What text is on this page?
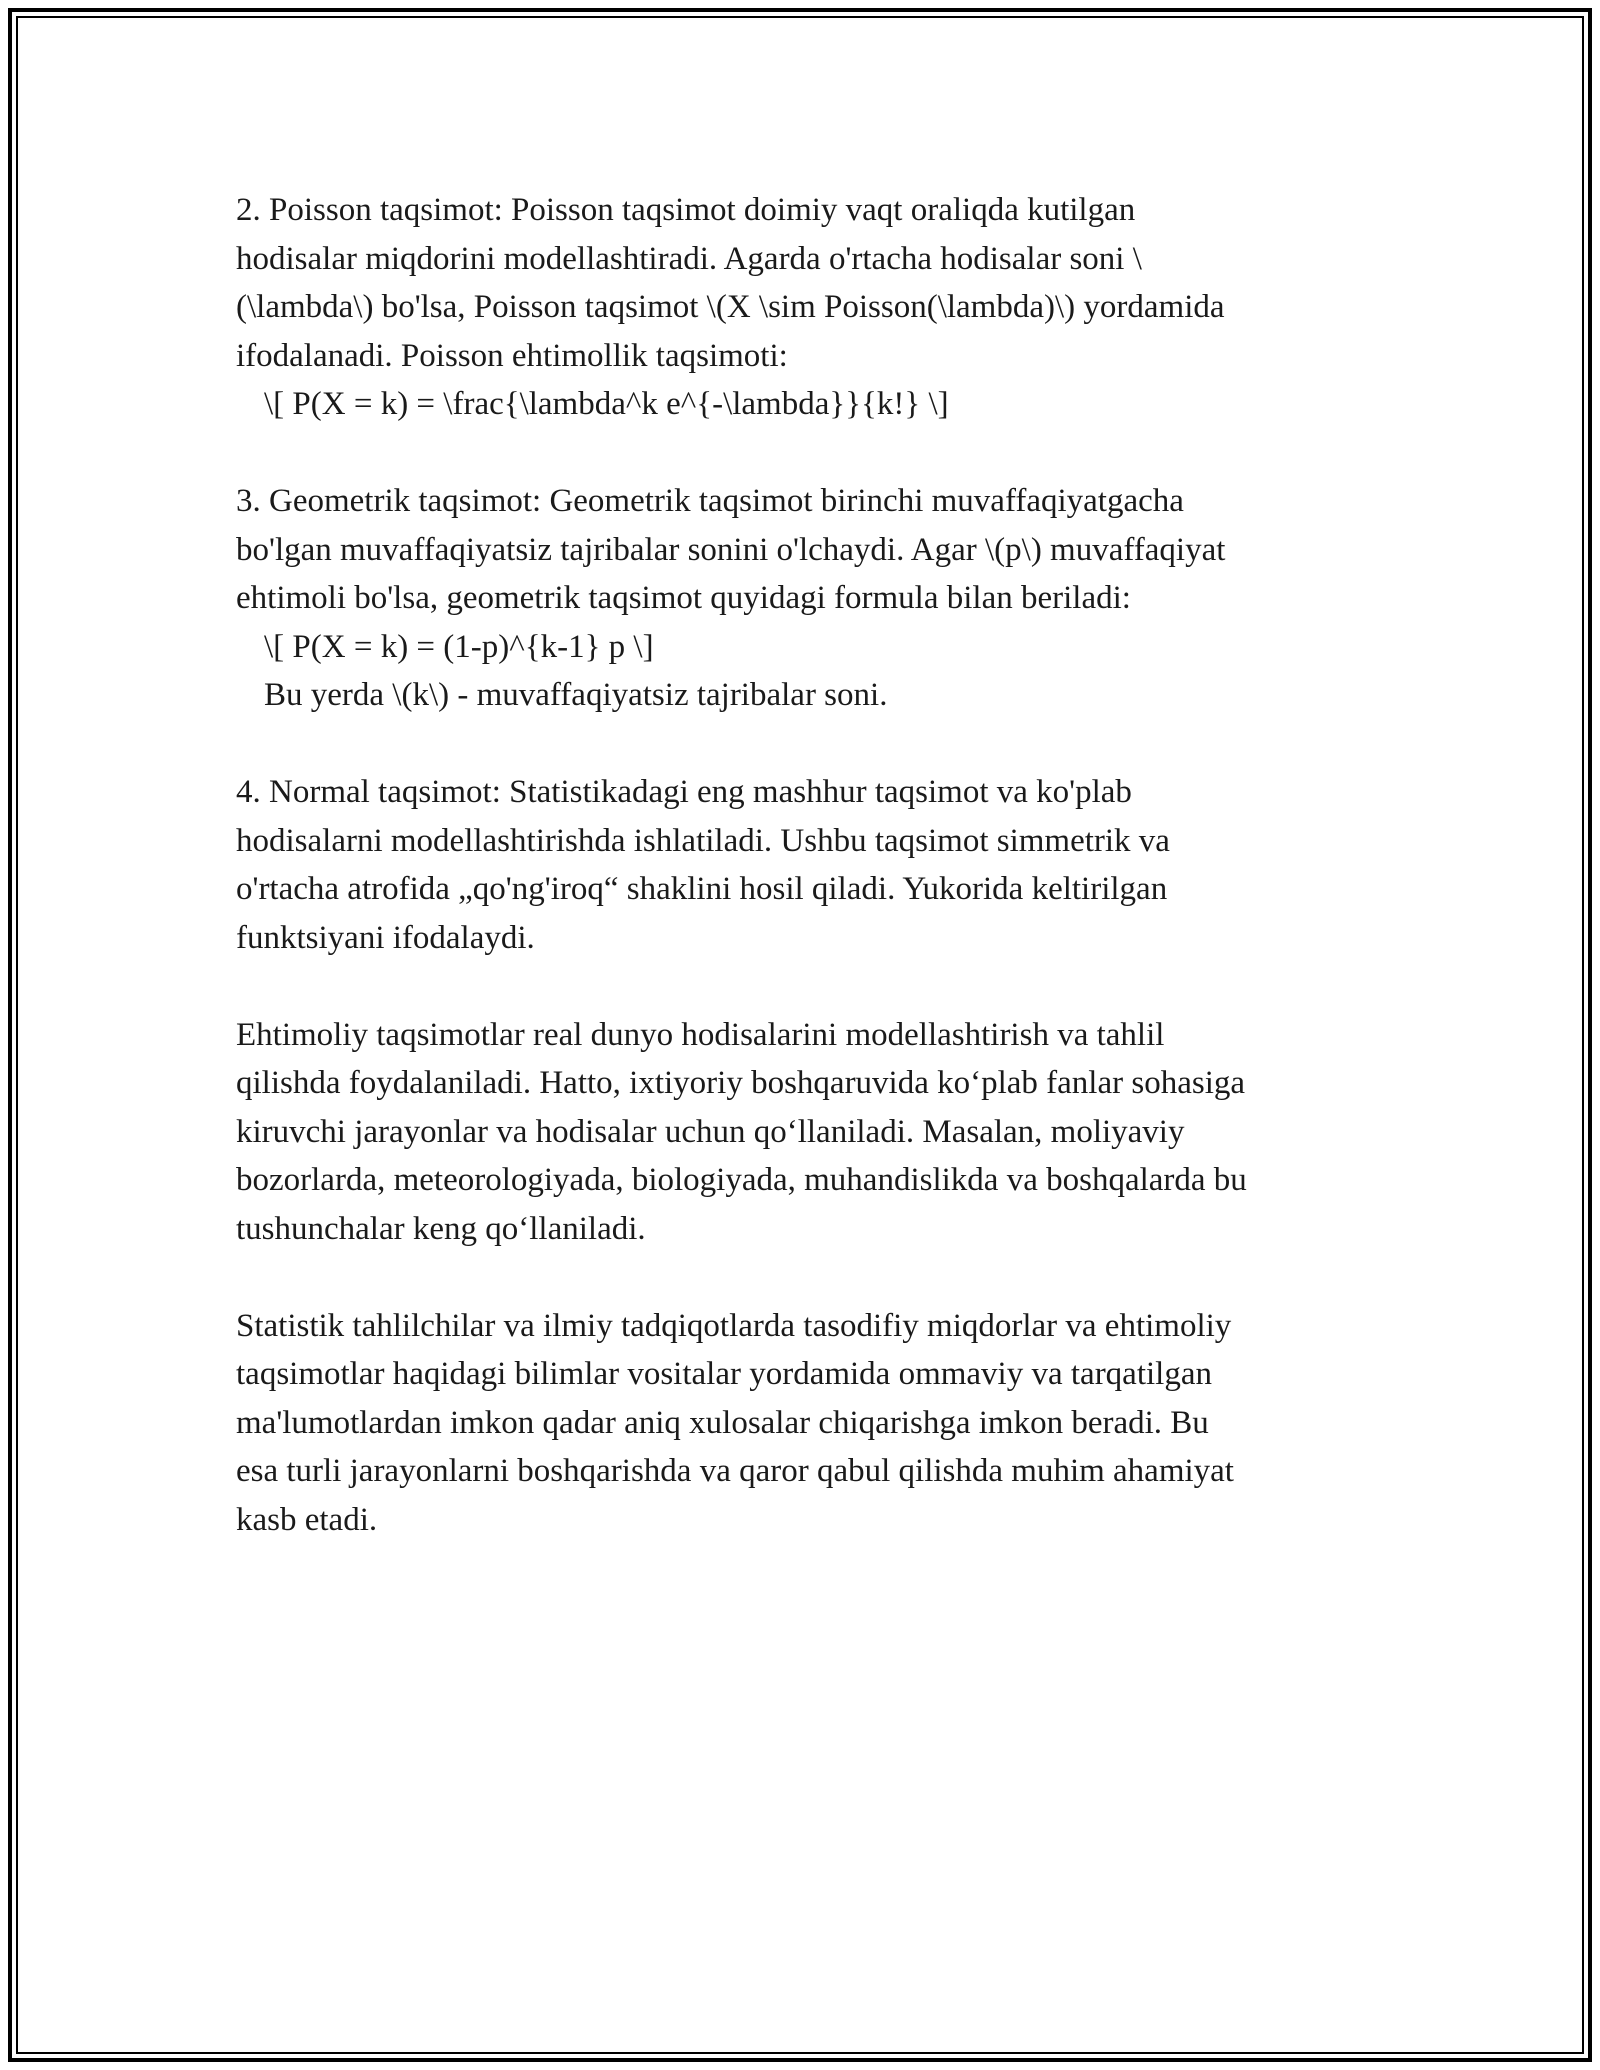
2. Poisson taqsimot: Poisson taqsimot doimiy vaqt oraliqda kutilgan
hodisalar miqdorini modellashtiradi. Agarda o'rtacha hodisalar soni \
(\lambda\) bo'lsa, Poisson taqsimot \(X \sim Poisson(\lambda)\) yordamida
ifodalanadi. Poisson ehtimollik taqsimoti:
\[ P(X = k) = \frac{\lambda^k e^{-\lambda}}{k!} \]

3. Geometrik taqsimot: Geometrik taqsimot birinchi muvaffaqiyatgacha
bo'lgan muvaffaqiyatsiz tajribalar sonini o'lchaydi. Agar \(p\) muvaffaqiyat
ehtimoli bo'lsa, geometrik taqsimot quyidagi formula bilan beriladi:
\[ P(X = k) = (1-p)^{k-1} p \]
Bu yerda \(k\) - muvaffaqiyatsiz tajribalar soni.

4. Normal taqsimot: Statistikadagi eng mashhur taqsimot va ko'plab
hodisalarni modellashtirishda ishlatiladi. Ushbu taqsimot simmetrik va
o'rtacha atrofida „qo'ng'iroq“ shaklini hosil qiladi. Yukorida keltirilgan
funktsiyani ifodalaydi.

Ehtimoliy taqsimotlar real dunyo hodisalarini modellashtirish va tahlil
qilishda foydalaniladi. Hatto, ixtiyoriy boshqaruvida koʻplab fanlar sohasiga
kiruvchi jarayonlar va hodisalar uchun qoʻllaniladi. Masalan, moliyaviy
bozorlarda, meteorologiyada, biologiyada, muhandislikda va boshqalarda bu
tushunchalar keng qoʻllaniladi.

Statistik tahlilchilar va ilmiy tadqiqotlarda tasodifiy miqdorlar va ehtimoliy
taqsimotlar haqidagi bilimlar vositalar yordamida ommaviy va tarqatilgan
ma'lumotlardan imkon qadar aniq xulosalar chiqarishga imkon beradi. Bu
esa turli jarayonlarni boshqarishda va qaror qabul qilishda muhim ahamiyat
kasb etadi.
